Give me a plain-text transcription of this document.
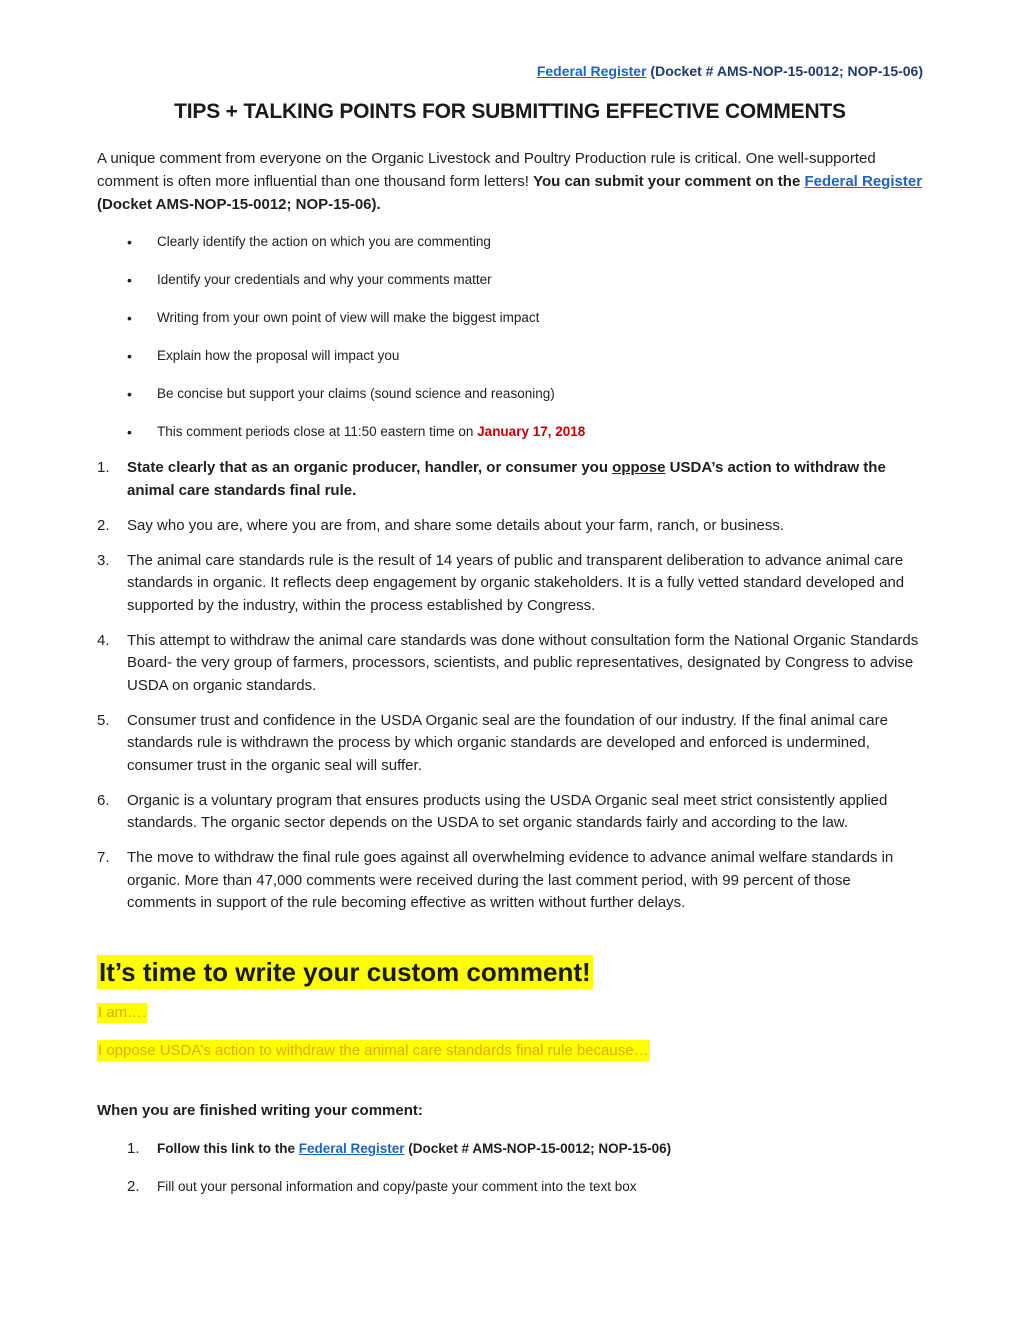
Federal Register (Docket # AMS-NOP-15-0012; NOP-15-06)
TIPS + TALKING POINTS FOR SUBMITTING EFFECTIVE COMMENTS
A unique comment from everyone on the Organic Livestock and Poultry Production rule is critical. One well-supported comment is often more influential than one thousand form letters! You can submit your comment on the Federal Register (Docket AMS-NOP-15-0012; NOP-15-06).
• Clearly identify the action on which you are commenting
• Identify your credentials and why your comments matter
• Writing from your own point of view will make the biggest impact
• Explain how the proposal will impact you
• Be concise but support your claims (sound science and reasoning)
• This comment periods close at 11:50 eastern time on January 17, 2018
1. State clearly that as an organic producer, handler, or consumer you oppose USDA’s action to withdraw the animal care standards final rule.
2. Say who you are, where you are from, and share some details about your farm, ranch, or business.
3. The animal care standards rule is the result of 14 years of public and transparent deliberation to advance animal care standards in organic. It reflects deep engagement by organic stakeholders. It is a fully vetted standard developed and supported by the industry, within the process established by Congress.
4. This attempt to withdraw the animal care standards was done without consultation form the National Organic Standards Board- the very group of farmers, processors, scientists, and public representatives, designated by Congress to advise USDA on organic standards.
5. Consumer trust and confidence in the USDA Organic seal are the foundation of our industry. If the final animal care standards rule is withdrawn the process by which organic standards are developed and enforced is undermined, consumer trust in the organic seal will suffer.
6. Organic is a voluntary program that ensures products using the USDA Organic seal meet strict consistently applied standards. The organic sector depends on the USDA to set organic standards fairly and according to the law.
7. The move to withdraw the final rule goes against all overwhelming evidence to advance animal welfare standards in organic. More than 47,000 comments were received during the last comment period, with 99 percent of those comments in support of the rule becoming effective as written without further delays.
It’s time to write your custom comment!
I am….
I oppose USDA’s action to withdraw the animal care standards final rule because…
When you are finished writing your comment:
1. Follow this link to the Federal Register (Docket # AMS-NOP-15-0012; NOP-15-06)
2. Fill out your personal information and copy/paste your comment into the text box
